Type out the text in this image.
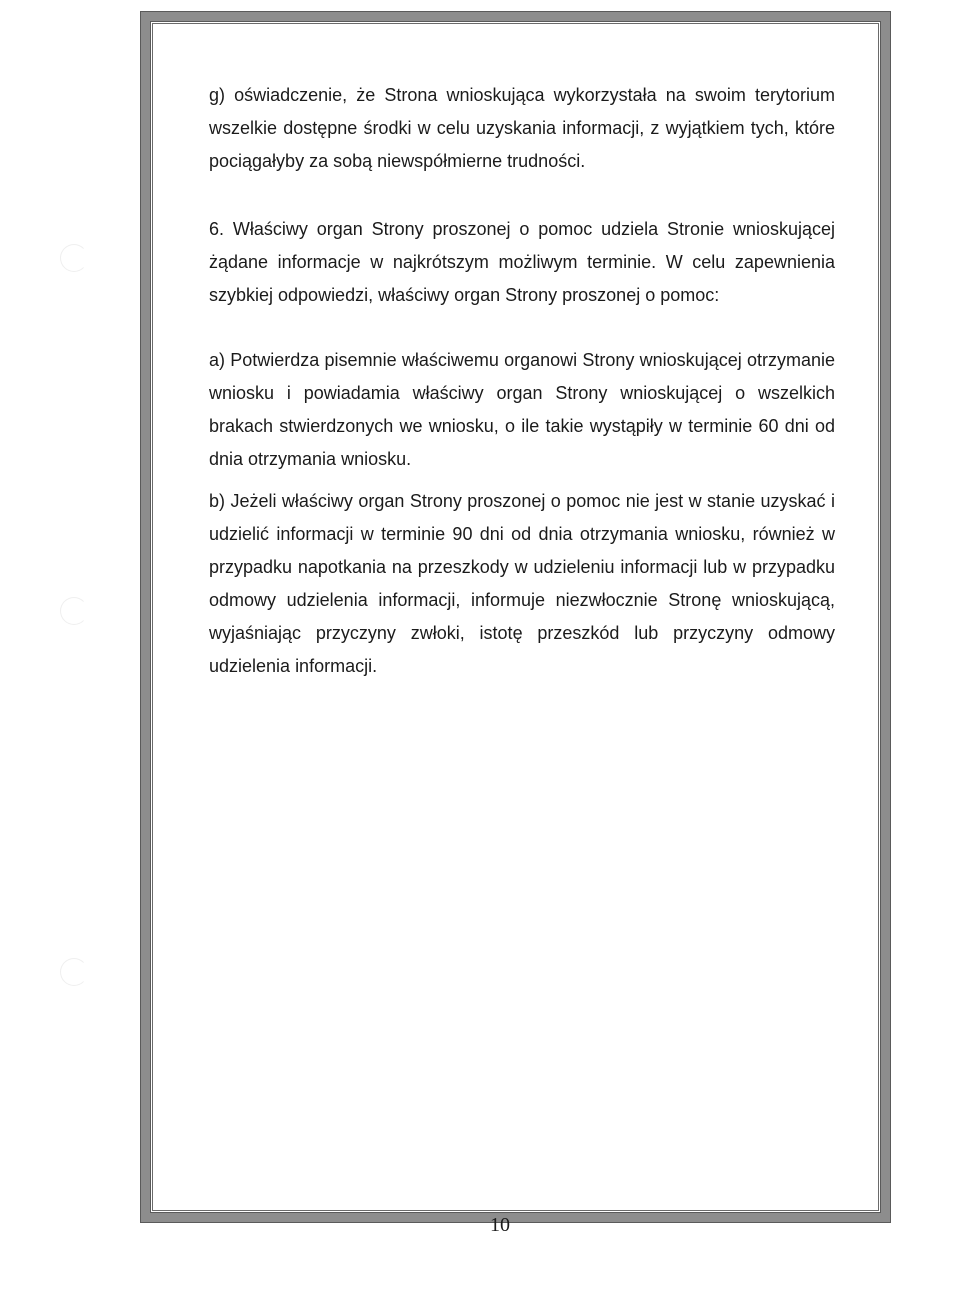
g) oświadczenie, że Strona wnioskująca wykorzystała na swoim terytorium wszelkie dostępne środki w celu uzyskania informacji, z wyjątkiem tych, które pociągałyby za sobą niewspółmierne trudności.

6. Właściwy organ Strony proszonej o pomoc udziela Stronie wnioskującej żądane informacje w najkrótszym możliwym terminie. W celu zapewnienia szybkiej odpowiedzi, właściwy organ Strony proszonej o pomoc:

a) Potwierdza pisemnie właściwemu organowi Strony wnioskującej otrzymanie wniosku i powiadamia właściwy organ Strony wnioskującej o wszelkich brakach stwierdzonych we wniosku, o ile takie wystąpiły w terminie 60 dni od dnia otrzymania wniosku.

b) Jeżeli właściwy organ Strony proszonej o pomoc nie jest w stanie uzyskać i udzielić informacji w terminie 90 dni od dnia otrzymania wniosku, również w przypadku napotkania na przeszkody w udzieleniu informacji lub w przypadku odmowy udzielenia informacji, informuje niezwłocznie Stronę wnioskującą, wyjaśniając przyczyny zwłoki, istotę przeszkód lub przyczyny odmowy udzielenia informacji.

10
